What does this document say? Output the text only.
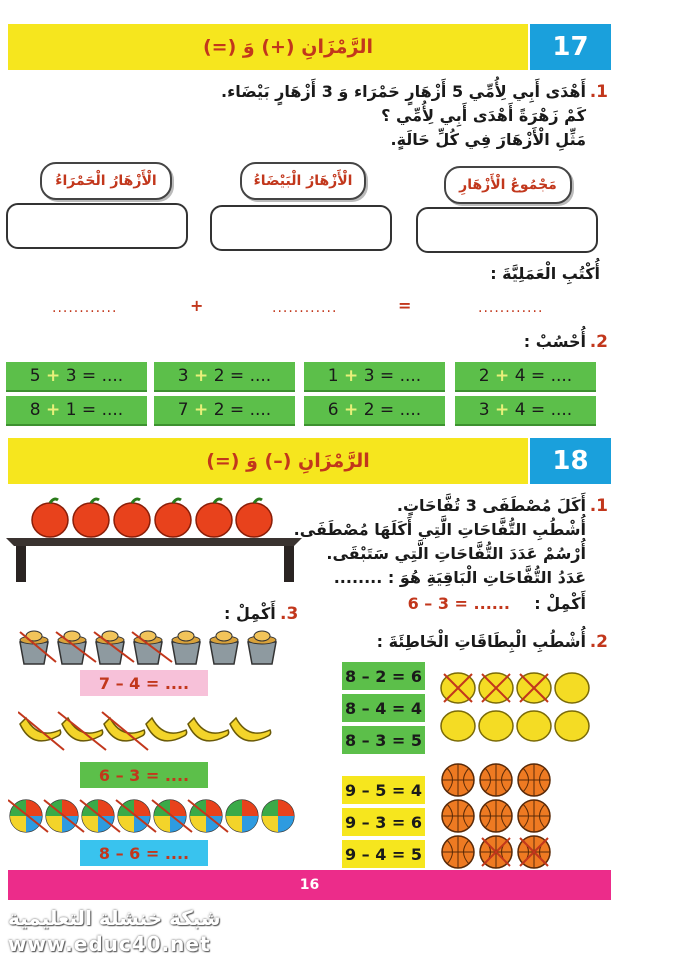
الرَّمْزَانِ (+) وَ (=)	17
1.
أَهْدَى أَبِي لِأُمِّي 5 أَزْهَارٍ حَمْرَاء وَ 3 أَزْهَارٍ بَيْضَاء.
كَمْ زَهْرَةً أَهْدَى أَبِي لِأُمِّي ؟
مَثِّلِ الْأَزْهَارَ فِي كُلِّ حَالَةٍ.
مَجْمُوعُ الْأَزْهَارِ
الْأَزْهَارُ الْبَيْضَاءُ
الْأَزْهَارُ الْحَمْرَاءُ
أُكْتُبِ الْعَمَلِيَّةَ :
............
=
............
+
............
2.
أُحْسُبْ :
2
+
4
=
....
1
+
3
=
....
3
+
2
=
....
5
+
3
=
....
3
+
4
=
....
6
+
2
=
....
7
+
2
=
....
8
+
1
=
....
الرَّمْزَانِ (–) وَ (=)	18
1.
أَكَلَ مُصْطَفَى 3 تُفَّاحَاتٍ.
أُشْطُبِ التُّفَّاحَاتِ الَّتِي أَكَلَهَا مُصْطَفَى.
أُرْسُمْ عَدَدَ التُّفَّاحَاتِ الَّتِي سَتَبْقَى.
عَدَدُ التُّفَّاحَاتِ الْبَاقِيَةِ هُوَ : ........
أَكْمِلْ :
...... = 3 – 6
3.
أَكْمِلْ :
2.
أُشْطُبِ الْبِطَاقَاتِ الْخَاطِئَةَ :
7 – 4 = ....
6 – 3 = ....
8 – 6 = ....
8 – 2 = 6
8 – 4 = 4
8 – 3 = 5
9 – 5 = 4
9 – 3 = 6
9 – 4 = 5
16
شبكة خنشلة التعليمية
www.educ40.net
